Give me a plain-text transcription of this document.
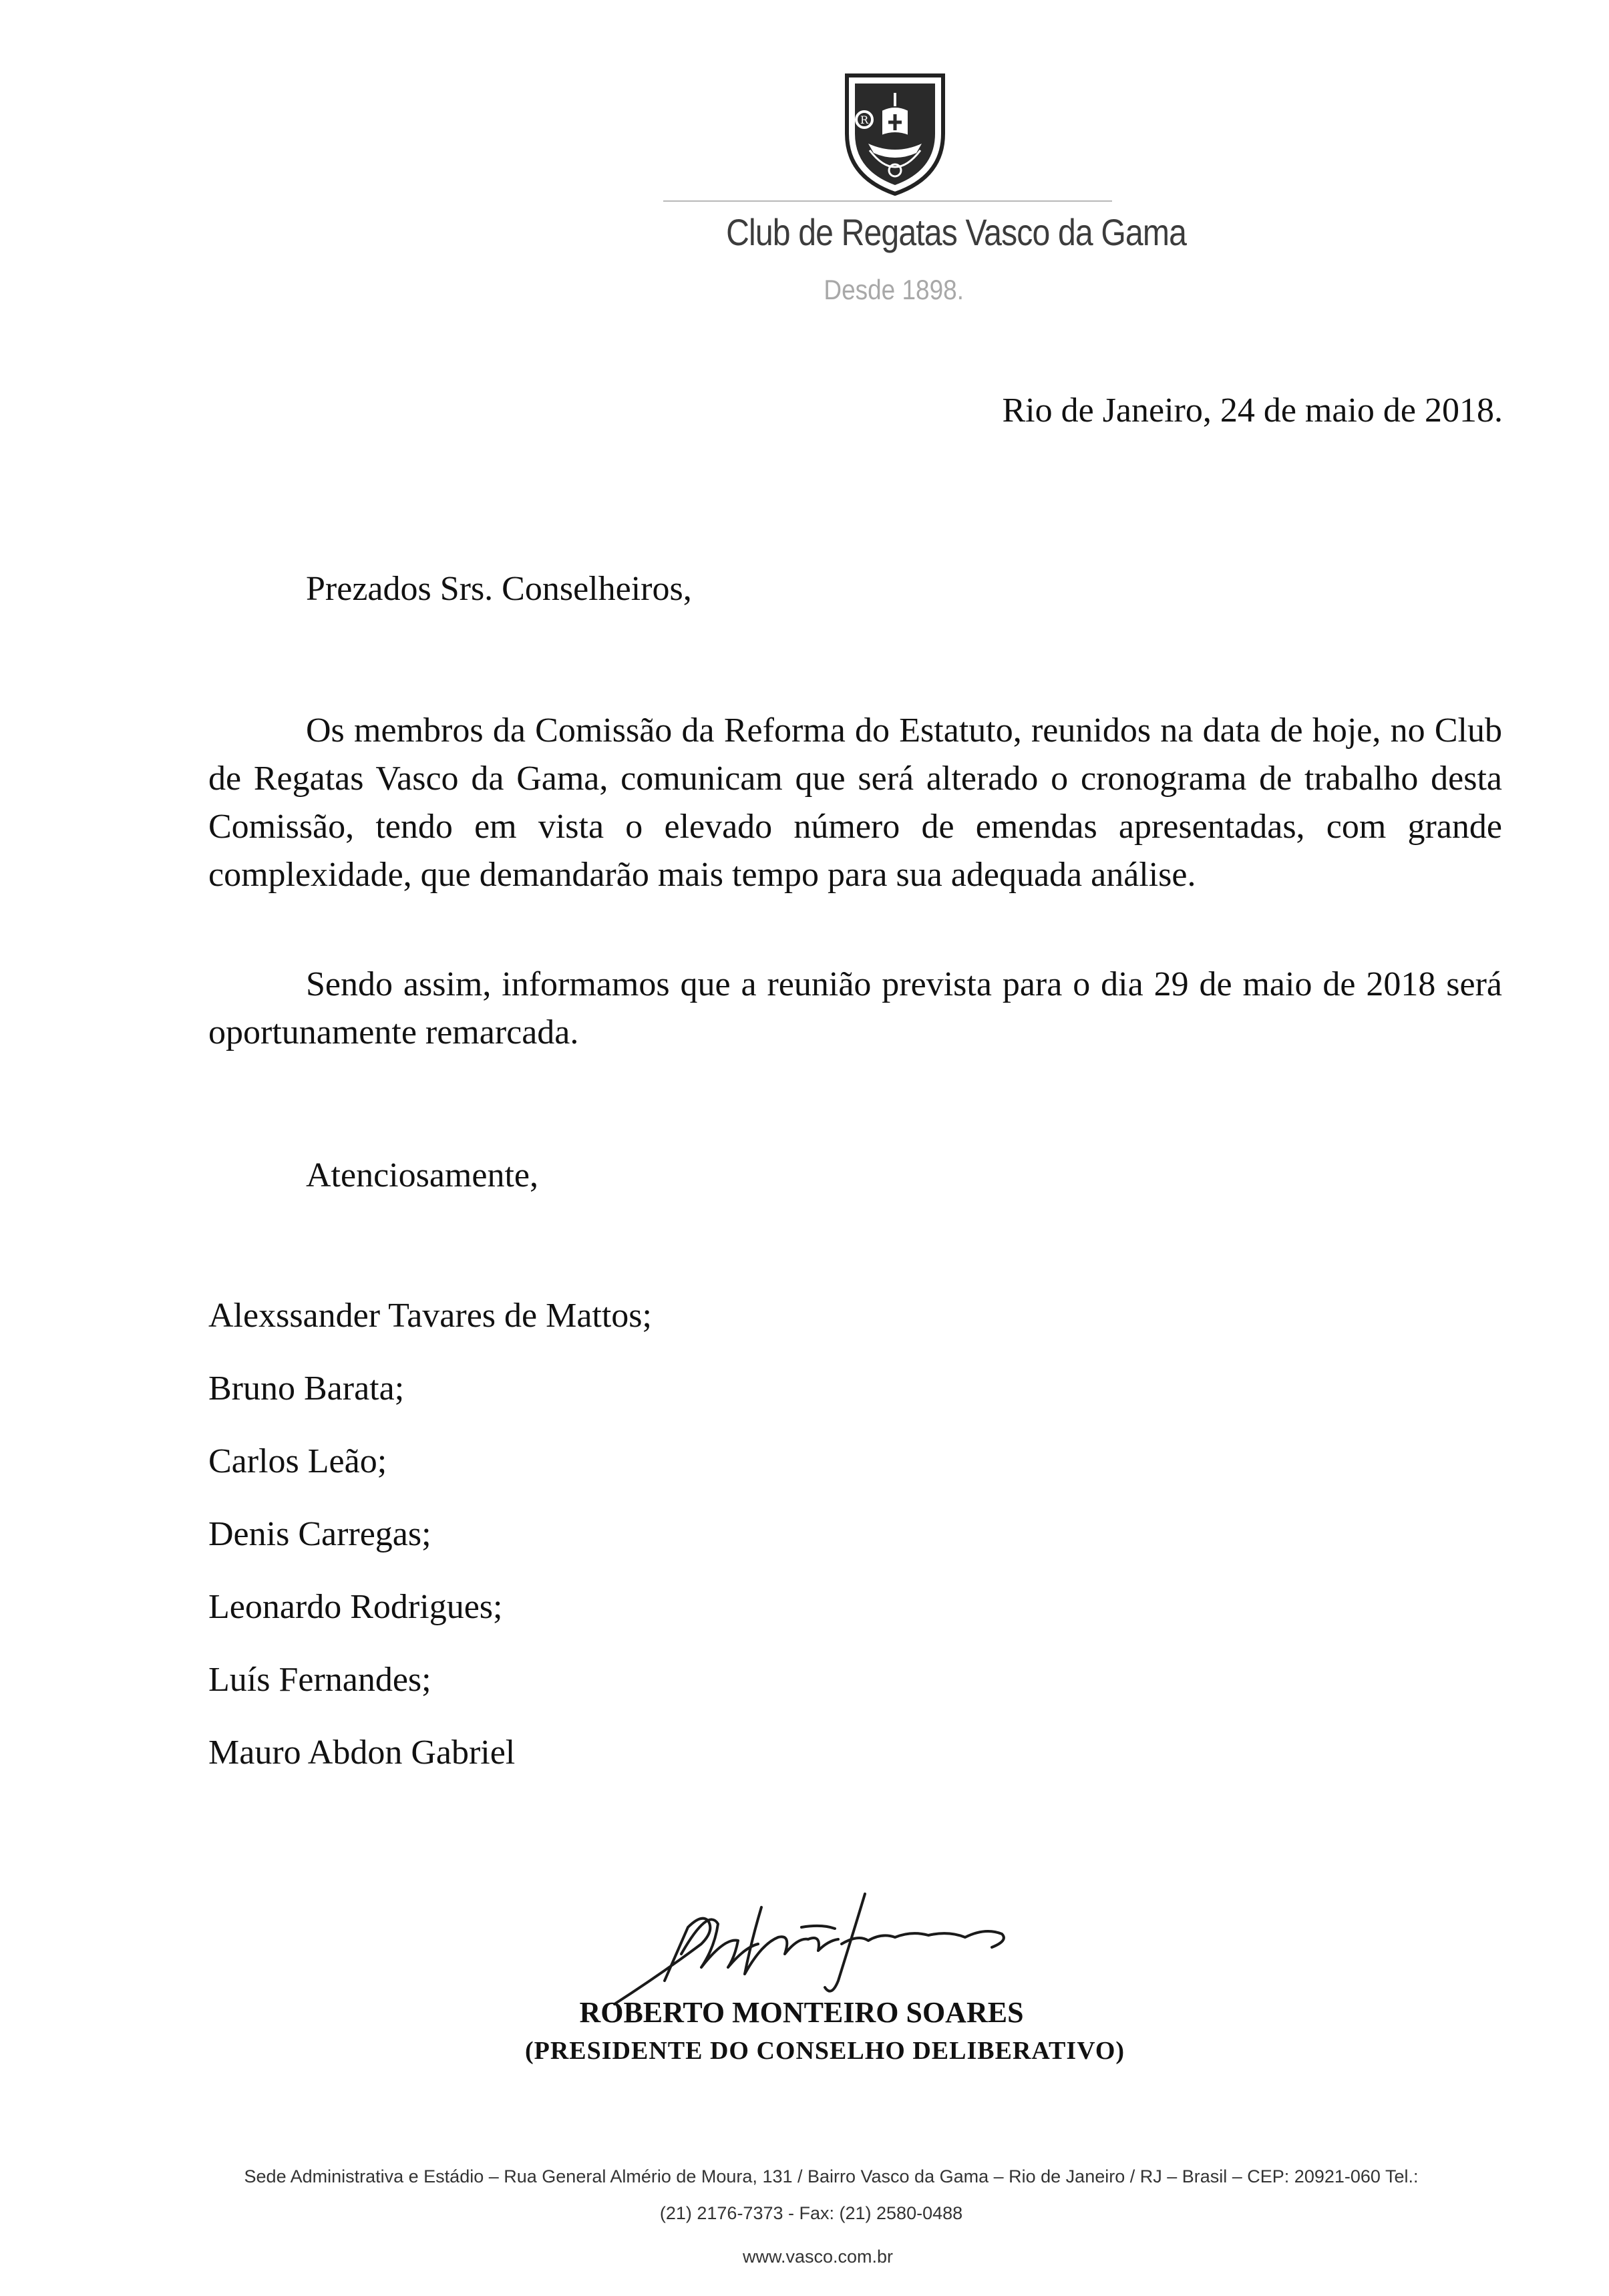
R
Club de Regatas Vasco da Gama
Desde 1898.
Rio de Janeiro, 24 de maio de 2018.
Prezados Srs. Conselheiros,

Os membros da Comissão da Reforma do Estatuto, reunidos na data de hoje, no Club de Regatas Vasco da Gama, comunicam que será alterado o cronograma de trabalho desta Comissão, tendo em vista o elevado número de emendas apresentadas, com grande complexidade, que demandarão mais tempo para sua adequada análise.

Sendo assim, informamos que a reunião prevista para o dia 29 de maio de 2018 será oportunamente remarcada.

Atenciosamente,
Alexssander Tavares de Mattos;
Bruno Barata;
Carlos Leão;
Denis Carregas;
Leonardo Rodrigues;
Luís Fernandes;
Mauro Abdon Gabriel
ROBERTO MONTEIRO SOARES
(PRESIDENTE DO CONSELHO DELIBERATIVO)
Sede Administrativa e Estádio – Rua General Almério de Moura, 131 / Bairro Vasco da Gama – Rio de Janeiro / RJ – Brasil – CEP: 20921-060 Tel.:
(21) 2176-7373 - Fax: (21) 2580-0488
www.vasco.com.br
